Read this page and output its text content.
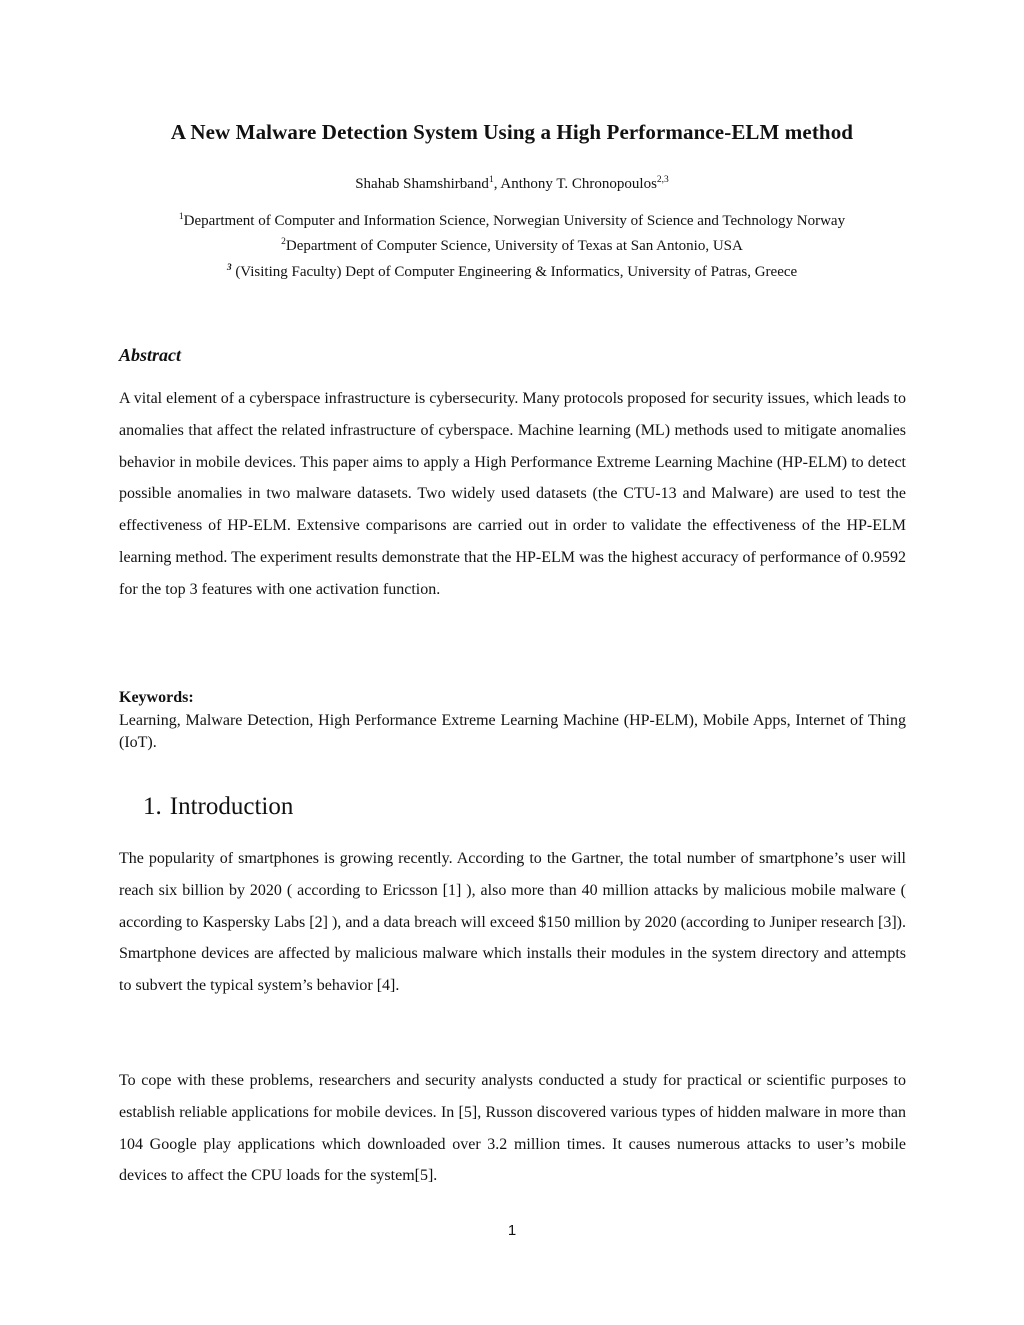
A New Malware Detection System Using a High Performance-ELM method
Shahab Shamshirband$^1$, Anthony T. Chronopoulos$^{2,3}$
$^1$Department of Computer and Information Science, Norwegian University of Science and Technology Norway
$^2$Department of Computer Science, University of Texas at San Antonio, USA
$^3$ (Visiting Faculty) Dept of Computer Engineering & Informatics, University of Patras, Greece
Abstract

A vital element of a cyberspace infrastructure is cybersecurity. Many protocols proposed for security issues, which leads to anomalies that affect the related infrastructure of cyberspace. Machine learning (ML) methods used to mitigate anomalies behavior in mobile devices. This paper aims to apply a High Performance Extreme Learning Machine (HP-ELM) to detect possible anomalies in two malware datasets. Two widely used datasets (the CTU-13 and Malware) are used to test the effectiveness of HP-ELM. Extensive comparisons are carried out in order to validate the effectiveness of the HP-ELM learning method. The experiment results demonstrate that the HP-ELM was the highest accuracy of performance of 0.9592 for the top 3 features with one activation function.

Keywords:
Learning, Malware Detection, High Performance Extreme Learning Machine (HP-ELM), Mobile Apps, Internet of Thing (IoT).
1. Introduction

The popularity of smartphones is growing recently. According to the Gartner, the total number of smartphone’s user will reach six billion by 2020 ( according to Ericsson [1] ), also more than 40 million attacks by malicious mobile malware ( according to Kaspersky Labs [2] ), and a data breach will exceed $150 million by 2020 (according to Juniper research [3]). Smartphone devices are affected by malicious malware which installs their modules in the system directory and attempts to subvert the typical system’s behavior [4].

To cope with these problems, researchers and security analysts conducted a study for practical or scientific purposes to establish reliable applications for mobile devices. In [5], Russon discovered various types of hidden malware in more than 104 Google play applications which downloaded over 3.2 million times. It causes numerous attacks to user’s mobile devices to affect the CPU loads for the system[5].

1
